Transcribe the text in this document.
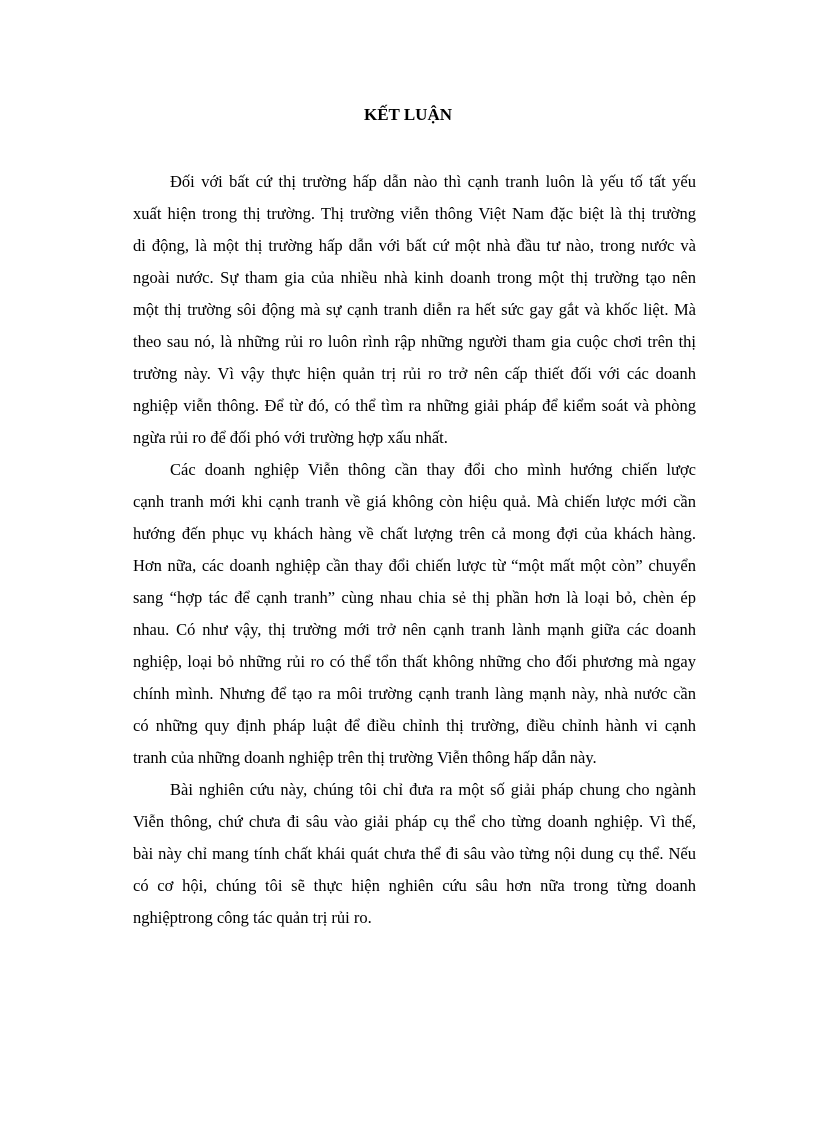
KẾT LUẬN

Đối với bất cứ thị trường hấp dẫn nào thì cạnh tranh luôn là yếu tố tất yếu

xuất hiện trong thị trường. Thị trường viễn thông Việt Nam đặc biệt là thị trường

di động, là một thị trường hấp dẫn với bất cứ một nhà đầu tư nào, trong nước và

ngoài nước. Sự tham gia của nhiều nhà kinh doanh trong một thị trường tạo nên

một thị trường sôi động mà sự cạnh tranh diễn ra hết sức gay gắt và khốc liệt. Mà

theo sau nó, là những rủi ro luôn rình rập những người tham gia cuộc chơi trên thị

trường này. Vì vậy thực hiện quản trị rủi ro trở nên cấp thiết đối với các doanh

nghiệp viễn thông. Để từ đó, có thể tìm ra những giải pháp để kiểm soát và phòng

ngừa rủi ro để đối phó với trường hợp xấu nhất.

Các doanh nghiệp Viễn thông cần thay đổi cho mình hướng chiến lược

cạnh tranh mới khi cạnh tranh về giá không còn hiệu quả. Mà chiến lược mới cần

hướng đến phục vụ khách hàng về chất lượng trên cả mong đợi của khách hàng.

Hơn nữa, các doanh nghiệp cần thay đổi chiến lược từ “một mất một còn” chuyển

sang “hợp tác để cạnh tranh” cùng nhau chia sẻ thị phần hơn là loại bỏ, chèn ép

nhau. Có như vậy, thị trường mới trở nên cạnh tranh lành mạnh giữa các doanh

nghiệp, loại bỏ những rủi ro có thể tổn thất không những cho đối phương mà ngay

chính mình. Nhưng để tạo ra môi trường cạnh tranh làng mạnh này, nhà nước cần

có những quy định pháp luật để điều chỉnh thị trường, điều chỉnh hành vi cạnh

tranh của những doanh nghiệp trên thị trường Viễn thông hấp dẫn này.

Bài nghiên cứu này, chúng tôi chỉ đưa ra một số giải pháp chung cho ngành

Viễn thông, chứ chưa đi sâu vào giải pháp cụ thể cho từng doanh nghiệp. Vì thế,

bài này chỉ mang tính chất khái quát chưa thể đi sâu vào từng nội dung cụ thể. Nếu

có cơ hội, chúng tôi sẽ thực hiện nghiên cứu sâu hơn nữa trong từng doanh

nghiệptrong công tác quản trị rủi ro.
